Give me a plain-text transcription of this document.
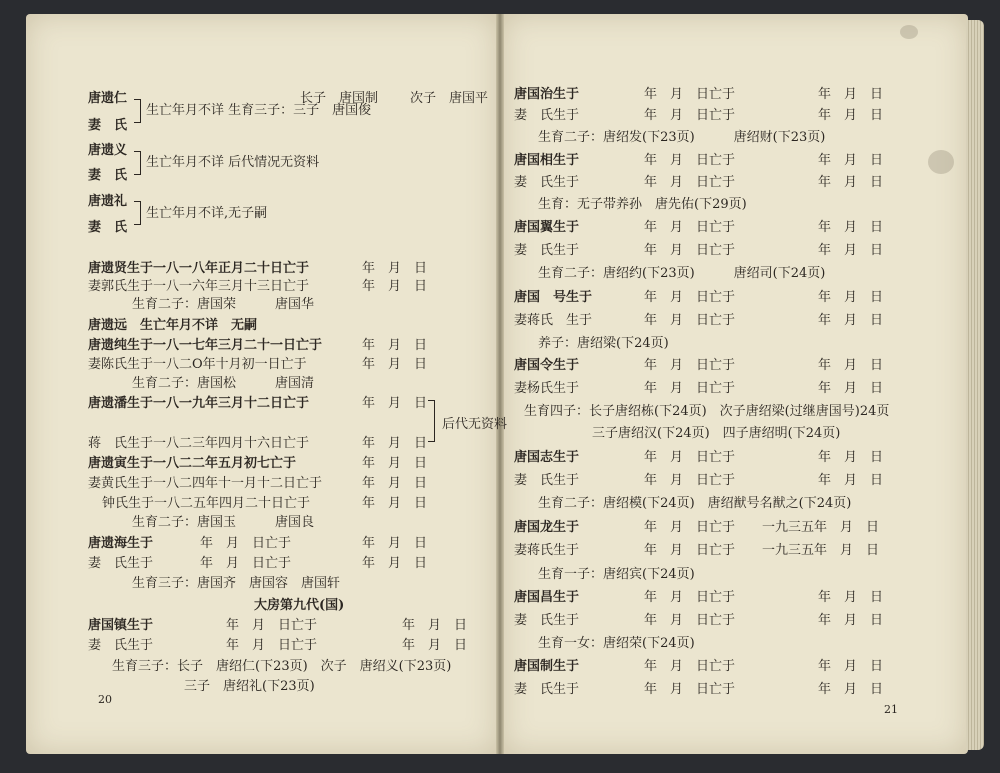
唐遗仁	长子　唐国制 次子　唐国平
生亡年月不详 生育三子：三子　唐国俊
妻　氏
唐遗义
生亡年月不详 后代情况无资料
妻　氏
唐遗礼
生亡年月不详,无子嗣
妻　氏
唐遗贤生于一八一八年正月二十日亡于	年　月　日
妻郭氏生于一八一六年三月十三日亡于	年　月　日
生育二子：唐国荣　　　唐国华
唐遗远　生亡年月不详　无嗣
唐遗纯生于一八一七年三月二十一日亡于	年　月　日
妻陈氏生于一八二O年十月初一日亡于	年　月　日
生育二子：唐国松　　　唐国清
唐遗潘生于一八一九年三月十二日亡于	年　月　日
后代无资料
蒋　氏生于一八二三年四月十六日亡于	年　月　日
唐遗寅生于一八二二年五月初七亡于	年　月　日
妻黄氏生于一八二四年十一月十二日亡于	年　月　日
钟氏生于一八二五年四月二十日亡于	年　月　日
生育二子：唐国玉　　　唐国良
唐遗海生于	年　月　日亡于	年　月　日
妻　氏生于	年　月　日亡于	年　月　日
生育三子：唐国齐　唐国容　唐国轩
大房第九代(国)
唐国镇生于	年　月　日亡于	年　月　日
妻　氏生于	年　月　日亡于	年　月　日
生育三子：长子　唐绍仁(下23页)　次子　唐绍义(下23页)
三子　唐绍礼(下23页)
唐国治生于	年　月　日亡于	年　月　日
妻　氏生于	年　月　日亡于	年　月　日
生育二子：唐绍发(下23页)　　　唐绍财(下23页)
唐国相生于	年　月　日亡于	年　月　日
妻　氏生于	年　月　日亡于	年　月　日
生育：无子带养孙　唐先佑(下29页)
唐国翼生于	年　月　日亡于	年　月　日
妻　氏生于	年　月　日亡于	年　月　日
生育二子：唐绍约(下23页)　　　唐绍司(下24页)
唐国　号生于	年　月　日亡于	年　月　日
妻蒋氏　生于	年　月　日亡于	年　月　日
养子：唐绍梁(下24页)
唐国令生于	年　月　日亡于	年　月　日
妻杨氏生于	年　月　日亡于	年　月　日
生育四子：长子唐绍栋(下24页)　次子唐绍梁(过继唐国号)24页
三子唐绍汉(下24页)　四子唐绍明(下24页)
唐国志生于	年　月　日亡于	年　月　日
妻　氏生于	年　月　日亡于	年　月　日
生育二子：唐绍模(下24页)　唐绍猷号名猷之(下24页)
唐国龙生于	年　月　日亡于 一九三五年　月　日
妻蒋氏生于	年　月　日亡于 一九三五年　月　日
生育一子：唐绍宾(下24页)
唐国昌生于	年　月　日亡于	年　月　日
妻　氏生于	年　月　日亡于	年　月　日
生育一女：唐绍荣(下24页)
唐国制生于	年　月　日亡于	年　月　日
妻　氏生于	年　月　日亡于	年　月　日
20
21
